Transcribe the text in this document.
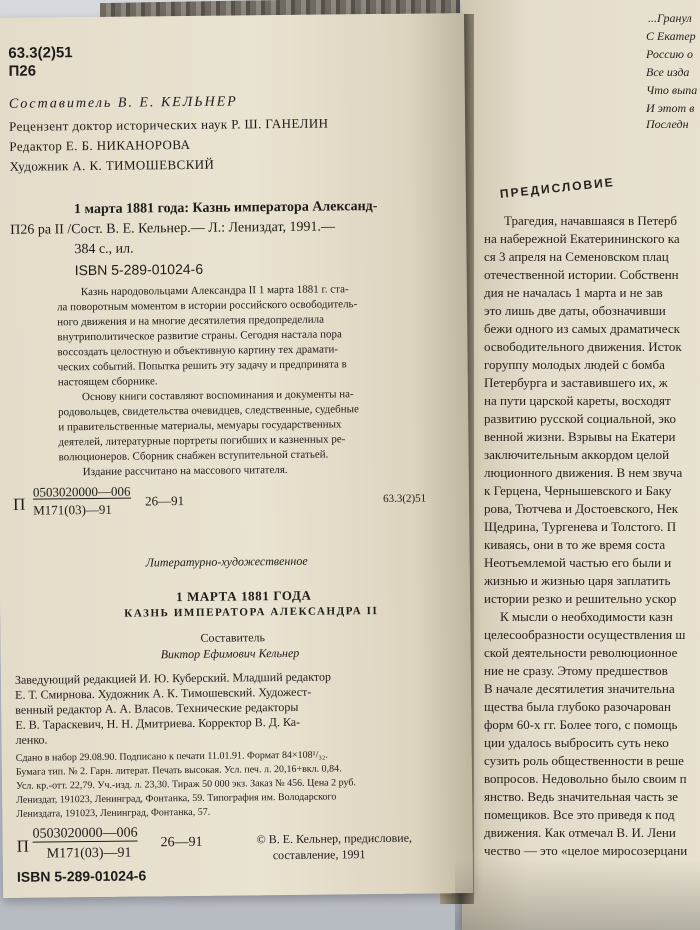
63.3(2)51
П26
Составитель В. Е. КЕЛЬНЕР
Рецензент доктор исторических наук Р. Ш. ГАНЕЛИН
Редактор Е. Б. НИКАНОРОВА
Художник А. К. ТИМОШЕВСКИЙ
1 марта 1881 года: Казнь императора Александ-
П26 ра II /Сост. В. Е. Кельнер.— Л.: Лениздат, 1991.—
384 с., ил.
ISBN 5-289-01024-6
Казнь народовольцами Александра II 1 марта 1881 г. ста-
ла поворотным моментом в истории российского освободитель-
ного движения и на многие десятилетия предопределила
внутриполитическое развитие страны. Сегодня настала пора
воссоздать целостную и объективную картину тех драмати-
ческих событий. Попытка решить эту задачу и предпринята в
настоящем сборнике.
Основу книги составляют воспоминания и документы на-
родовольцев, свидетельства очевидцев, следственные, судебные
и правительственные материалы, мемуары государственных
деятелей, литературные портреты погибших и казненных ре-
волюционеров. Сборник снабжен вступительной статьей.
Издание рассчитано на массового читателя.
П
0503020000—006
М171(03)—91
26—91	63.3(2)51
Литературно-художественное
1 МАРТА 1881 ГОДА
КАЗНЬ ИМПЕРАТОРА АЛЕКСАНДРА II
Составитель
Виктор Ефимович Кельнер
Заведующий редакцией И. Ю. Куберский. Младший редактор
Е. Т. Смирнова. Художник А. К. Тимошевский. Художест-
венный редактор А. А. Власов. Технические редакторы
Е. В. Тараскевич, Н. Н. Дмитриева. Корректор В. Д. Ка-
ленко.
Сдано в набор 29.08.90. Подписано к печати 11.01.91. Формат 84×108¹/₃₂.
Бумага тип. № 2. Гарн. литерат. Печать высокая. Усл. печ. л. 20,16+вкл. 0,84.
Усл. кр.-отт. 22,79. Уч.-изд. л. 23,30. Тираж 50 000 экз. Заказ № 456. Цена 2 руб.
Лениздат, 191023, Ленинград, Фонтанка, 59. Типография им. Володарского
Лениздата, 191023, Ленинград, Фонтанка, 57.
П
0503020000—006
М171(03)—91
26—91
ISBN 5-289-01024-6
© В. Е. Кельнер, предисловие,
составление, 1991
...Гранул
С Екатер
Россию о
Все изда
Что выпа
И этот в
Последн
ПРЕДИСЛОВИЕ
Трагедия, начавшаяся в Петерб
на набережной Екатерининского ка
ся 3 апреля на Семеновском плац
отечественной истории. Собственн
дия не началась 1 марта и не зав
это лишь две даты, обозначивши
бежи одного из самых драматическ
освободительного движения. Исток
горуппу молодых людей с бомба
Петербурга и заставившего их, ж
на пути царской кареты, восходят
развитию русской социальной, эко
венной жизни. Взрывы на Екатери
заключительным аккордом целой
люционного движения. В нем звуча
к Герцена, Чернышевского и Баку
рова, Тютчева и Достоевского, Нек
Щедрина, Тургенева и Толстого. П
киваясь, они в то же время соста
Неотъемлемой частью его были и
жизнью и жизнью царя заплатить
истории резко и решительно ускор
К мысли о необходимости казн
целесообразности осуществления ш
ской деятельности революционное
ние не сразу. Этому предшествов
В начале десятилетия значительна
щества была глубоко разочарован
форм 60-х гг. Более того, с помощь
ции удалось выбросить суть неко
сузить роль общественности в реше
вопросов. Недовольно было своим п
янство. Ведь значительная часть зе
помещиков. Все это приведя к под
движения. Как отмечал В. И. Лени
чество — это «целое миросозерцани
